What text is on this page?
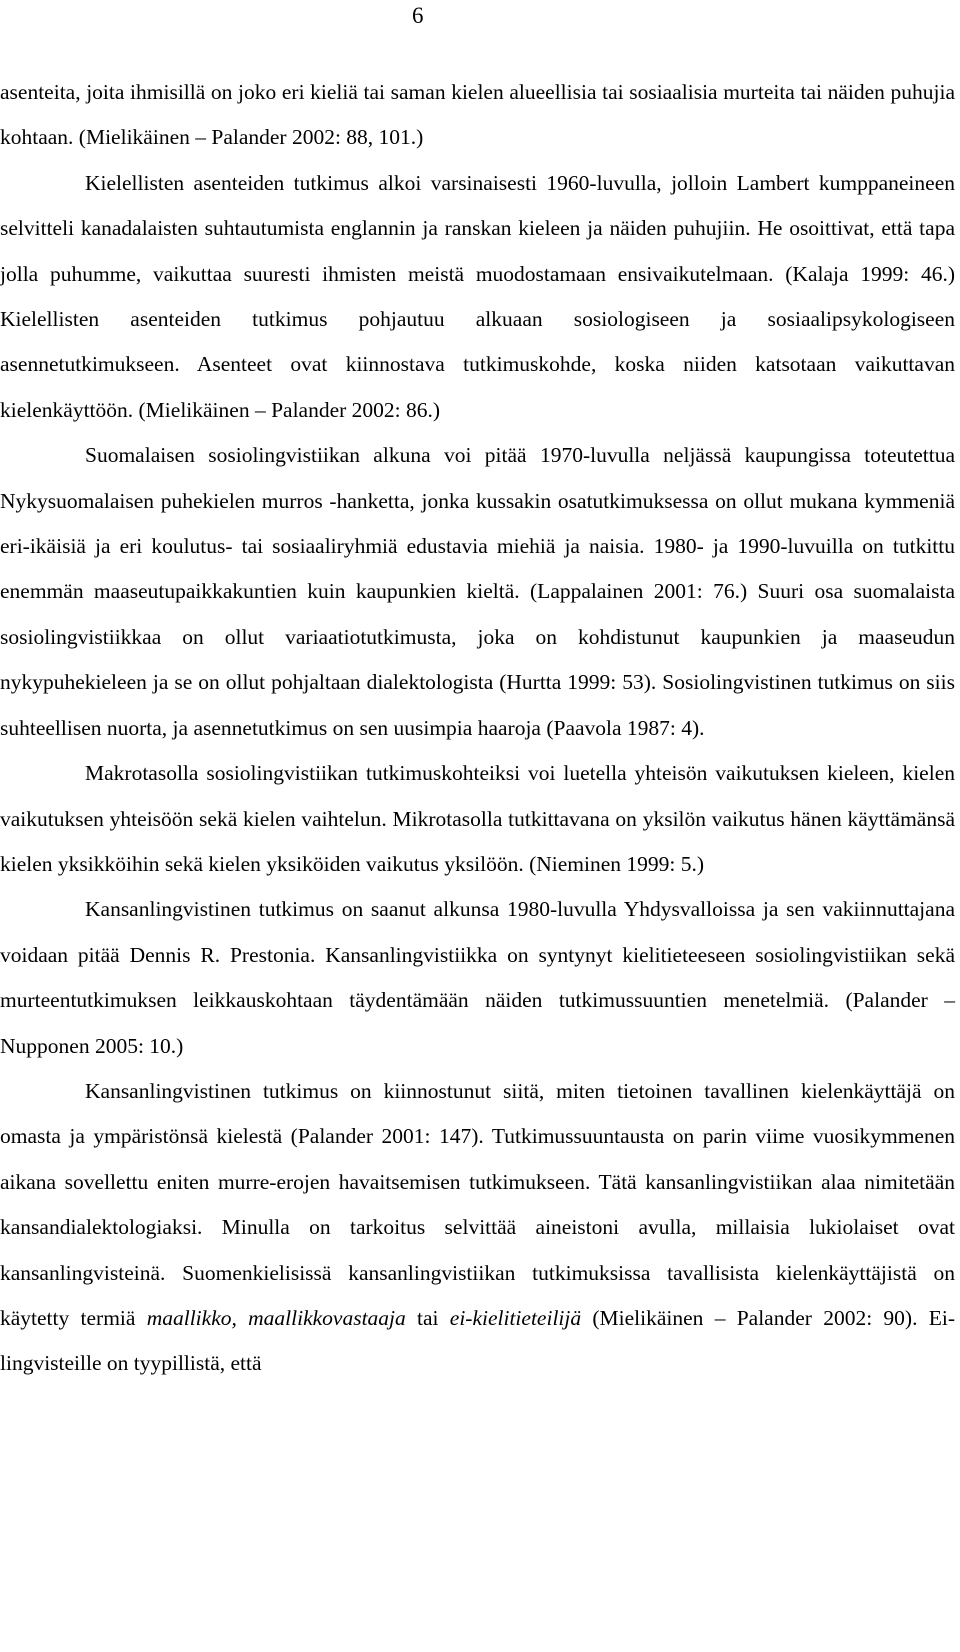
6

asenteita, joita ihmisillä on joko eri kieliä tai saman kielen alueellisia tai sosiaalisia murteita tai näiden puhujia kohtaan. (Mielikäinen – Palander 2002: 88, 101.)

Kielellisten asenteiden tutkimus alkoi varsinaisesti 1960-luvulla, jolloin Lambert kumppaneineen selvitteli kanadalaisten suhtautumista englannin ja ranskan kieleen ja näiden puhujiin. He osoittivat, että tapa jolla puhumme, vaikuttaa suuresti ihmisten meistä muodostamaan ensivaikutelmaan. (Kalaja 1999: 46.) Kielellisten asenteiden tutkimus pohjautuu alkuaan sosiologiseen ja sosiaalipsykologiseen asennetutkimukseen. Asenteet ovat kiinnostava tutkimuskohde, koska niiden katsotaan vaikuttavan kielenkäyttöön. (Mielikäinen – Palander 2002: 86.)

Suomalaisen sosiolingvistiikan alkuna voi pitää 1970-luvulla neljässä kaupungissa toteutettua Nykysuomalaisen puhekielen murros -hanketta, jonka kussakin osatutkimuksessa on ollut mukana kymmeniä eri-ikäisiä ja eri koulutus- tai sosiaaliryhmiä edustavia miehiä ja naisia. 1980- ja 1990-luvuilla on tutkittu enemmän maaseutupaikkakuntien kuin kaupunkien kieltä. (Lappalainen 2001: 76.) Suuri osa suomalaista sosiolingvistiikkaa on ollut variaatiotutkimusta, joka on kohdistunut kaupunkien ja maaseudun nykypuhekieleen ja se on ollut pohjaltaan dialektologista (Hurtta 1999: 53). Sosiolingvistinen tutkimus on siis suhteellisen nuorta, ja asennetutkimus on sen uusimpia haaroja (Paavola 1987: 4).

Makrotasolla sosiolingvistiikan tutkimuskohteiksi voi luetella yhteisön vaikutuksen kieleen, kielen vaikutuksen yhteisöön sekä kielen vaihtelun. Mikrotasolla tutkittavana on yksilön vaikutus hänen käyttämänsä kielen yksikköihin sekä kielen yksiköiden vaikutus yksilöön. (Nieminen 1999: 5.)

Kansanlingvistinen tutkimus on saanut alkunsa 1980-luvulla Yhdysvalloissa ja sen vakiinnuttajana voidaan pitää Dennis R. Prestonia. Kansanlingvistiikka on syntynyt kielitieteeseen sosiolingvistiikan sekä murteentutkimuksen leikkauskohtaan täydentämään näiden tutkimussuuntien menetelmiä. (Palander – Nupponen 2005: 10.)

Kansanlingvistinen tutkimus on kiinnostunut siitä, miten tietoinen tavallinen kielenkäyttäjä on omasta ja ympäristönsä kielestä (Palander 2001: 147). Tutkimussuuntausta on parin viime vuosikymmenen aikana sovellettu eniten murre-erojen havaitsemisen tutkimukseen. Tätä kansanlingvistiikan alaa nimitetään kansandialektologiaksi. Minulla on tarkoitus selvittää aineistoni avulla, millaisia lukiolaiset ovat kansanlingvisteinä. Suomenkielisissä kansanlingvistiikan tutkimuksissa tavallisista kielenkäyttäjistä on käytetty termiä maallikko, maallikkovastaaja tai ei-kielitieteilijä (Mielikäinen – Palander 2002: 90). Ei-lingvisteille on tyypillistä, että
